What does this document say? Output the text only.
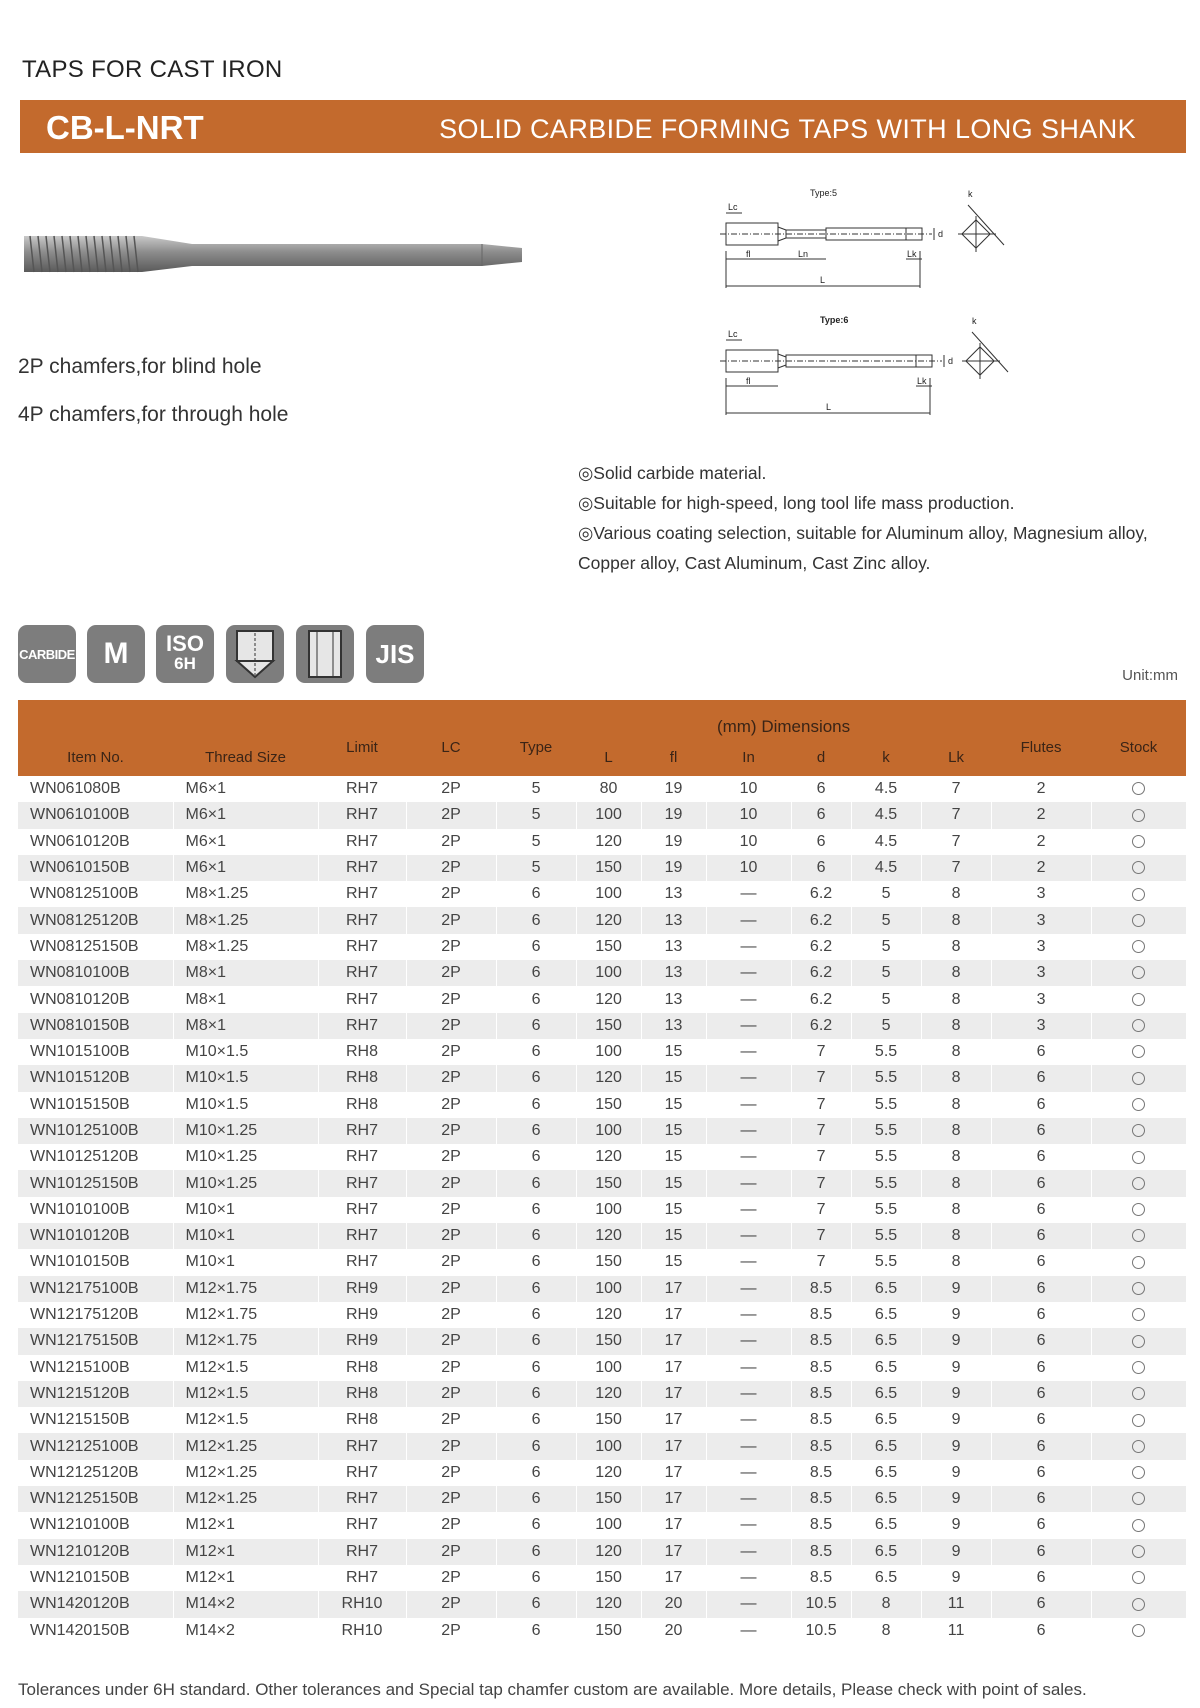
TAPS FOR CAST IRON
CB-L-NRT	SOLID CARBIDE FORMING TAPS WITH LONG SHANK
2P chamfers,for blind hole
4P chamfers,for through hole
Type:5
Lc
fl	Ln
L
Lk
d
k
Type:6
Lc
fl
L
Lk
d
k
◎Solid carbide material.
◎Suitable for high-speed, long tool life mass production.
◎Various coating selection, suitable for Aluminum alloy, Magnesium alloy, Copper alloy, Cast Aluminum, Cast Zinc alloy.
CARBIDE M	ISO
6H	JIS
Unit:mm
					(mm) Dimensions							
Item No.	Thread Size	Limit	LC	Type	L	fl	In	d	k	Lk	Flutes	Stock
WN061080B	M6×1	RH7	2P	5	80	19	10	6	4.5	7	2	
WN0610100B	M6×1	RH7	2P	5	100	19	10	6	4.5	7	2	
WN0610120B	M6×1	RH7	2P	5	120	19	10	6	4.5	7	2	
WN0610150B	M6×1	RH7	2P	5	150	19	10	6	4.5	7	2	
WN08125100B	M8×1.25	RH7	2P	6	100	13	—	6.2	5	8	3	
WN08125120B	M8×1.25	RH7	2P	6	120	13	—	6.2	5	8	3	
WN08125150B	M8×1.25	RH7	2P	6	150	13	—	6.2	5	8	3	
WN0810100B	M8×1	RH7	2P	6	100	13	—	6.2	5	8	3	
WN0810120B	M8×1	RH7	2P	6	120	13	—	6.2	5	8	3	
WN0810150B	M8×1	RH7	2P	6	150	13	—	6.2	5	8	3	
WN1015100B	M10×1.5	RH8	2P	6	100	15	—	7	5.5	8	6	
WN1015120B	M10×1.5	RH8	2P	6	120	15	—	7	5.5	8	6	
WN1015150B	M10×1.5	RH8	2P	6	150	15	—	7	5.5	8	6	
WN10125100B	M10×1.25	RH7	2P	6	100	15	—	7	5.5	8	6	
WN10125120B	M10×1.25	RH7	2P	6	120	15	—	7	5.5	8	6	
WN10125150B	M10×1.25	RH7	2P	6	150	15	—	7	5.5	8	6	
WN1010100B	M10×1	RH7	2P	6	100	15	—	7	5.5	8	6	
WN1010120B	M10×1	RH7	2P	6	120	15	—	7	5.5	8	6	
WN1010150B	M10×1	RH7	2P	6	150	15	—	7	5.5	8	6	
WN12175100B	M12×1.75	RH9	2P	6	100	17	—	8.5	6.5	9	6	
WN12175120B	M12×1.75	RH9	2P	6	120	17	—	8.5	6.5	9	6	
WN12175150B	M12×1.75	RH9	2P	6	150	17	—	8.5	6.5	9	6	
WN1215100B	M12×1.5	RH8	2P	6	100	17	—	8.5	6.5	9	6	
WN1215120B	M12×1.5	RH8	2P	6	120	17	—	8.5	6.5	9	6	
WN1215150B	M12×1.5	RH8	2P	6	150	17	—	8.5	6.5	9	6	
WN12125100B	M12×1.25	RH7	2P	6	100	17	—	8.5	6.5	9	6	
WN12125120B	M12×1.25	RH7	2P	6	120	17	—	8.5	6.5	9	6	
WN12125150B	M12×1.25	RH7	2P	6	150	17	—	8.5	6.5	9	6	
WN1210100B	M12×1	RH7	2P	6	100	17	—	8.5	6.5	9	6	
WN1210120B	M12×1	RH7	2P	6	120	17	—	8.5	6.5	9	6	
WN1210150B	M12×1	RH7	2P	6	150	17	—	8.5	6.5	9	6	
WN1420120B	M14×2	RH10	2P	6	120	20	—	10.5	8	11	6	
WN1420150B	M14×2	RH10	2P	6	150	20	—	10.5	8	11	6	
Tolerances under 6H standard. Other tolerances and Special tap chamfer custom are available. More details, Please check with point of sales.
